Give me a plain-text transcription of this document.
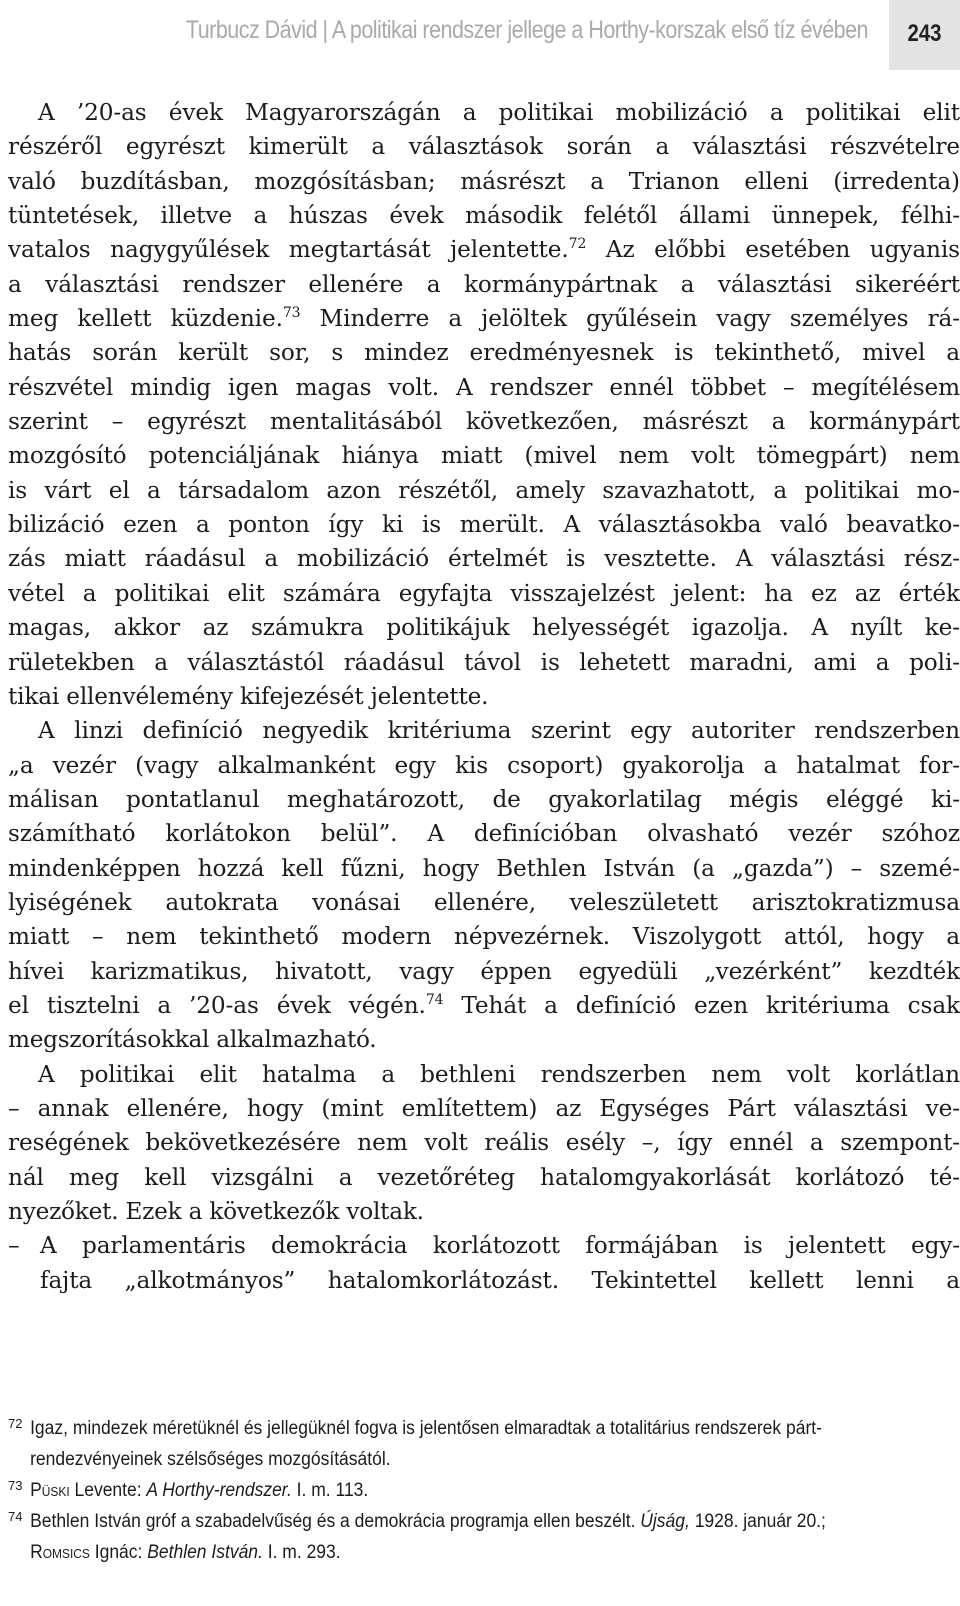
Turbucz Dávid | A politikai rendszer jellege a Horthy-korszak első tíz évében	243
A ’20-as évek Magyarországán a politikai mobilizáció a politikai elit
részéről egyrészt kimerült a választások során a választási részvételre
való buzdításban, mozgósításban; másrészt a Trianon elleni (irredenta)
tüntetések, illetve a húszas évek második felétől állami ünnepek, félhi-
vatalos nagygyűlések megtartását jelentette.$^{72}$ Az előbbi esetében ugyanis
a választási rendszer ellenére a kormánypártnak a választási sikeréért
meg kellett küzdenie.$^{73}$ Minderre a jelöltek gyűlésein vagy személyes rá-
hatás során került sor, s mindez eredményesnek is tekinthető, mivel a
részvétel mindig igen magas volt. A rendszer ennél többet – megítélésem
szerint – egyrészt mentalitásából következően, másrészt a kormánypárt
mozgósító potenciáljának hiánya miatt (mivel nem volt tömegpárt) nem
is várt el a társadalom azon részétől, amely szavazhatott, a politikai mo-
bilizáció ezen a ponton így ki is merült. A választásokba való beavatko-
zás miatt ráadásul a mobilizáció értelmét is vesztette. A választási rész-
vétel a politikai elit számára egyfajta visszajelzést jelent: ha ez az érték
magas, akkor az számukra politikájuk helyességét igazolja. A nyílt ke-
rületekben a választástól ráadásul távol is lehetett maradni, ami a poli-
tikai ellenvélemény kifejezését jelentette.
A linzi definíció negyedik kritériuma szerint egy autoriter rendszerben
„a vezér (vagy alkalmanként egy kis csoport) gyakorolja a hatalmat for-
málisan pontatlanul meghatározott, de gyakorlatilag mégis eléggé ki-
számítható korlátokon belül”. A definícióban olvasható vezér szóhoz
mindenképpen hozzá kell fűzni, hogy Bethlen István (a „gazda”) – szemé-
lyiségének autokrata vonásai ellenére, veleszületett arisztokratizmusa
miatt – nem tekinthető modern népvezérnek. Viszolygott attól, hogy a
hívei karizmatikus, hivatott, vagy éppen egyedüli „vezérként” kezdték
el tisztelni a ’20-as évek végén.$^{74}$ Tehát a definíció ezen kritériuma csak
megszorításokkal alkalmazható.
A politikai elit hatalma a bethleni rendszerben nem volt korlátlan
– annak ellenére, hogy (mint említettem) az Egységes Párt választási ve-
reségének bekövetkezésére nem volt reális esély –, így ennél a szempont-
nál meg kell vizsgálni a vezetőréteg hatalomgyakorlását korlátozó té-
nyezőket. Ezek a következők voltak.
– A parlamentáris demokrácia korlátozott formájában is jelentett egy-
fajta „alkotmányos” hatalomkorlátozást. Tekintettel kellett lenni a
72 Igaz, mindezek méretüknél és jellegüknél fogva is jelentősen elmaradtak a totalitárius rendszerek párt-
rendezvényeinek szélsőséges mozgósításától.
73 Püski Levente: A Horthy-rendszer. I. m. 113.
74 Bethlen István gróf a szabadelvűség és a demokrácia programja ellen beszélt. Újság, 1928. január 20.;
Romsics Ignác: Bethlen István. I. m. 293.
